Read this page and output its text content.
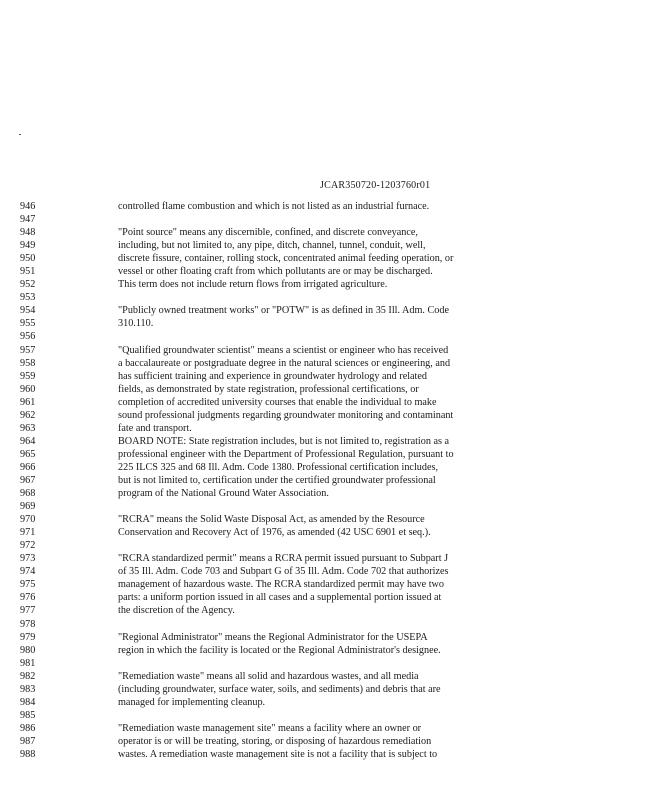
JCAR350720-1203760r01
946	controlled flame combustion and which is not listed as an industrial furnace.
947
948	"Point source" means any discernible, confined, and discrete conveyance,
949	including, but not limited to, any pipe, ditch, channel, tunnel, conduit, well,
950	discrete fissure, container, rolling stock, concentrated animal feeding operation, or
951	vessel or other floating craft from which pollutants are or may be discharged.
952	This term does not include return flows from irrigated agriculture.
953
954	"Publicly owned treatment works" or "POTW" is as defined in 35 Ill. Adm. Code
955	310.110.
956
957	"Qualified groundwater scientist" means a scientist or engineer who has received
958	a baccalaureate or postgraduate degree in the natural sciences or engineering, and
959	has sufficient training and experience in groundwater hydrology and related
960	fields, as demonstrated by state registration, professional certifications, or
961	completion of accredited university courses that enable the individual to make
962	sound professional judgments regarding groundwater monitoring and contaminant
963	fate and transport.
964	BOARD NOTE: State registration includes, but is not limited to, registration as a
965	professional engineer with the Department of Professional Regulation, pursuant to
966	225 ILCS 325 and 68 Ill. Adm. Code 1380. Professional certification includes,
967	but is not limited to, certification under the certified groundwater professional
968	program of the National Ground Water Association.
969
970	"RCRA" means the Solid Waste Disposal Act, as amended by the Resource
971	Conservation and Recovery Act of 1976, as amended (42 USC 6901 et seq.).
972
973	"RCRA standardized permit" means a RCRA permit issued pursuant to Subpart J
974	of 35 Ill. Adm. Code 703 and Subpart G of 35 Ill. Adm. Code 702 that authorizes
975	management of hazardous waste. The RCRA standardized permit may have two
976	parts: a uniform portion issued in all cases and a supplemental portion issued at
977	the discretion of the Agency.
978
979	"Regional Administrator" means the Regional Administrator for the USEPA
980	region in which the facility is located or the Regional Administrator's designee.
981
982	"Remediation waste" means all solid and hazardous wastes, and all media
983	(including groundwater, surface water, soils, and sediments) and debris that are
984	managed for implementing cleanup.
985
986	"Remediation waste management site" means a facility where an owner or
987	operator is or will be treating, storing, or disposing of hazardous remediation
988	wastes. A remediation waste management site is not a facility that is subject to
